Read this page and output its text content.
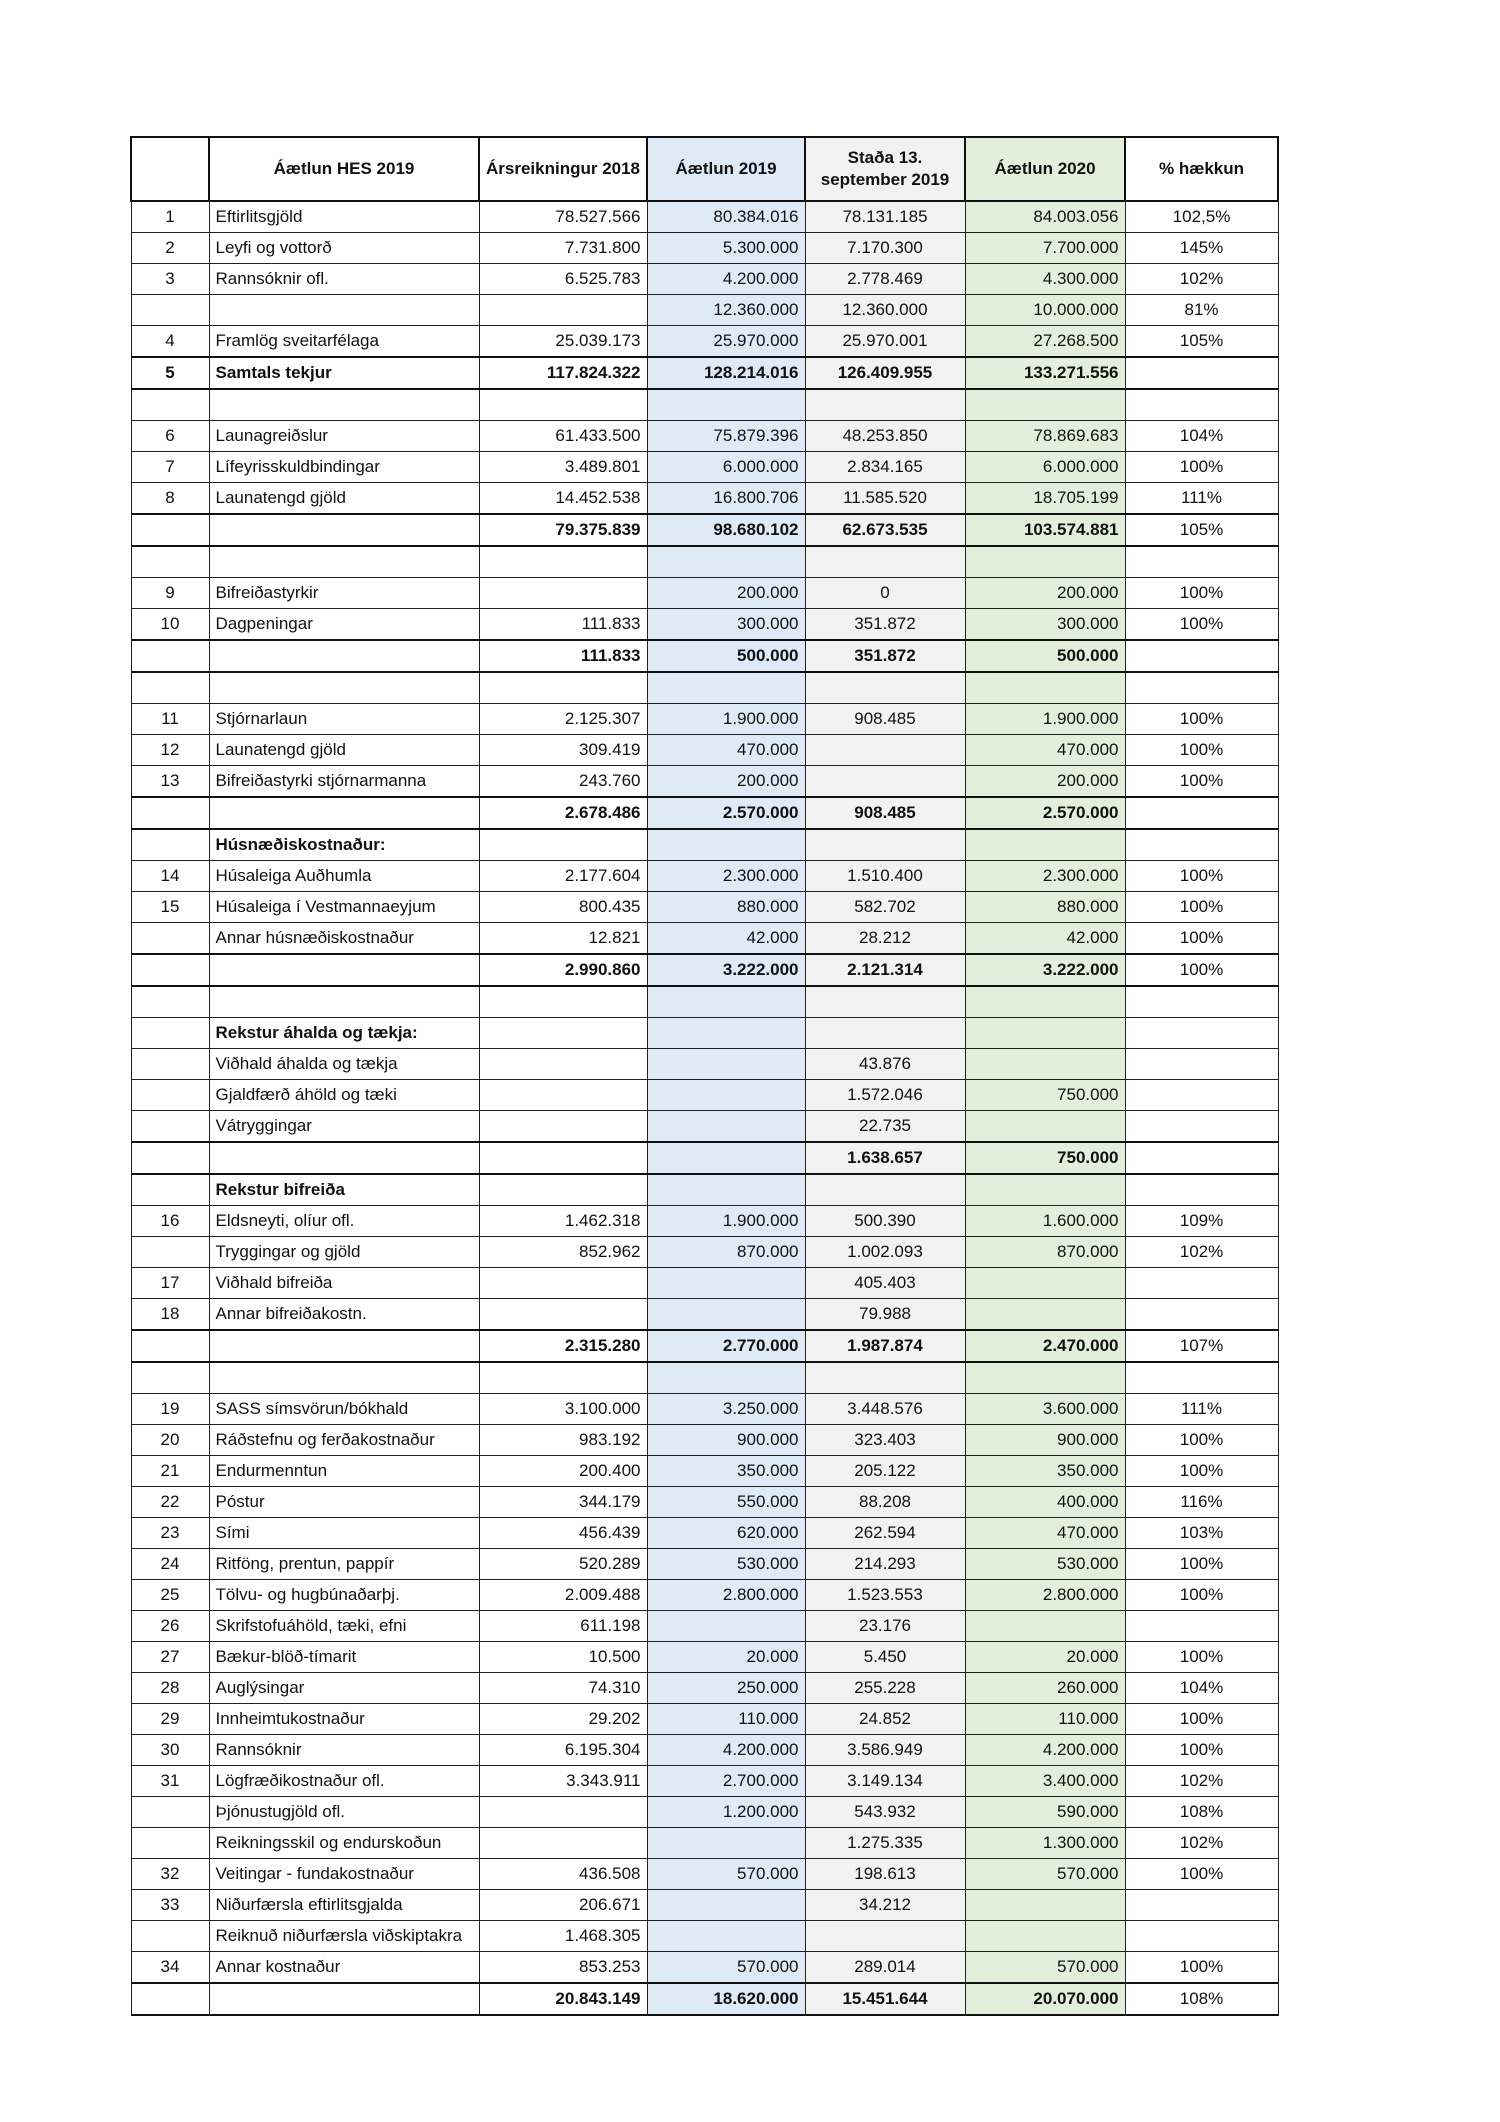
	Áætlun HES 2019	Ársreikningur 2018	Áætlun 2019	Staða 13. september 2019	Áætlun 2020	% hækkun
1	Eftirlitsgjöld	78.527.566	80.384.016	78.131.185	84.003.056	102,5%
2	Leyfi og vottorð	7.731.800	5.300.000	7.170.300	7.700.000	145%
3	Rannsóknir ofl.	6.525.783	4.200.000	2.778.469	4.300.000	102%
			12.360.000	12.360.000	10.000.000	81%
4	Framlög sveitarfélaga	25.039.173	25.970.000	25.970.001	27.268.500	105%
5	Samtals tekjur	117.824.322	128.214.016	126.409.955	133.271.556	

6	Launagreiðslur	61.433.500	75.879.396	48.253.850	78.869.683	104%
7	Lífeyrisskuldbindingar	3.489.801	6.000.000	2.834.165	6.000.000	100%
8	Launatengd gjöld	14.452.538	16.800.706	11.585.520	18.705.199	111%
		79.375.839	98.680.102	62.673.535	103.574.881	105%

9	Bifreiðastyrkir		200.000	0	200.000	100%
10	Dagpeningar	111.833	300.000	351.872	300.000	100%
		111.833	500.000	351.872	500.000	

11	Stjórnarlaun	2.125.307	1.900.000	908.485	1.900.000	100%
12	Launatengd gjöld	309.419	470.000		470.000	100%
13	Bifreiðastyrki stjórnarmanna	243.760	200.000		200.000	100%
		2.678.486	2.570.000	908.485	2.570.000	
	Húsnæðiskostnaður:					
14	Húsaleiga Auðhumla	2.177.604	2.300.000	1.510.400	2.300.000	100%
15	Húsaleiga í Vestmannaeyjum	800.435	880.000	582.702	880.000	100%
	Annar húsnæðiskostnaður	12.821	42.000	28.212	42.000	100%
		2.990.860	3.222.000	2.121.314	3.222.000	100%

	Rekstur áhalda og tækja:					
	Viðhald áhalda og tækja			43.876		
	Gjaldfærð áhöld og tæki			1.572.046	750.000	
	Vátryggingar			22.735		
				1.638.657	750.000	
	Rekstur bifreiða					
16	Eldsneyti, olíur ofl.	1.462.318	1.900.000	500.390	1.600.000	109%
	Tryggingar og gjöld	852.962	870.000	1.002.093	870.000	102%
17	Viðhald bifreiða			405.403		
18	Annar bifreiðakostn.			79.988		
		2.315.280	2.770.000	1.987.874	2.470.000	107%

19	SASS símsvörun/bókhald	3.100.000	3.250.000	3.448.576	3.600.000	111%
20	Ráðstefnu og ferðakostnaður	983.192	900.000	323.403	900.000	100%
21	Endurmenntun	200.400	350.000	205.122	350.000	100%
22	Póstur	344.179	550.000	88.208	400.000	116%
23	Sími	456.439	620.000	262.594	470.000	103%
24	Ritföng, prentun, pappír	520.289	530.000	214.293	530.000	100%
25	Tölvu- og hugbúnaðarþj.	2.009.488	2.800.000	1.523.553	2.800.000	100%
26	Skrifstofuáhöld, tæki, efni	611.198		23.176		
27	Bækur-blöð-tímarit	10.500	20.000	5.450	20.000	100%
28	Auglýsingar	74.310	250.000	255.228	260.000	104%
29	Innheimtukostnaður	29.202	110.000	24.852	110.000	100%
30	Rannsóknir	6.195.304	4.200.000	3.586.949	4.200.000	100%
31	Lögfræðikostnaður ofl.	3.343.911	2.700.000	3.149.134	3.400.000	102%
	Þjónustugjöld ofl.		1.200.000	543.932	590.000	108%
	Reikningsskil og endurskoðun			1.275.335	1.300.000	102%
32	Veitingar - fundakostnaður	436.508	570.000	198.613	570.000	100%
33	Niðurfærsla eftirlitsgjalda	206.671		34.212		
	Reiknuð niðurfærsla viðskiptakra	1.468.305				
34	Annar kostnaður	853.253	570.000	289.014	570.000	100%
		20.843.149	18.620.000	15.451.644	20.070.000	108%
